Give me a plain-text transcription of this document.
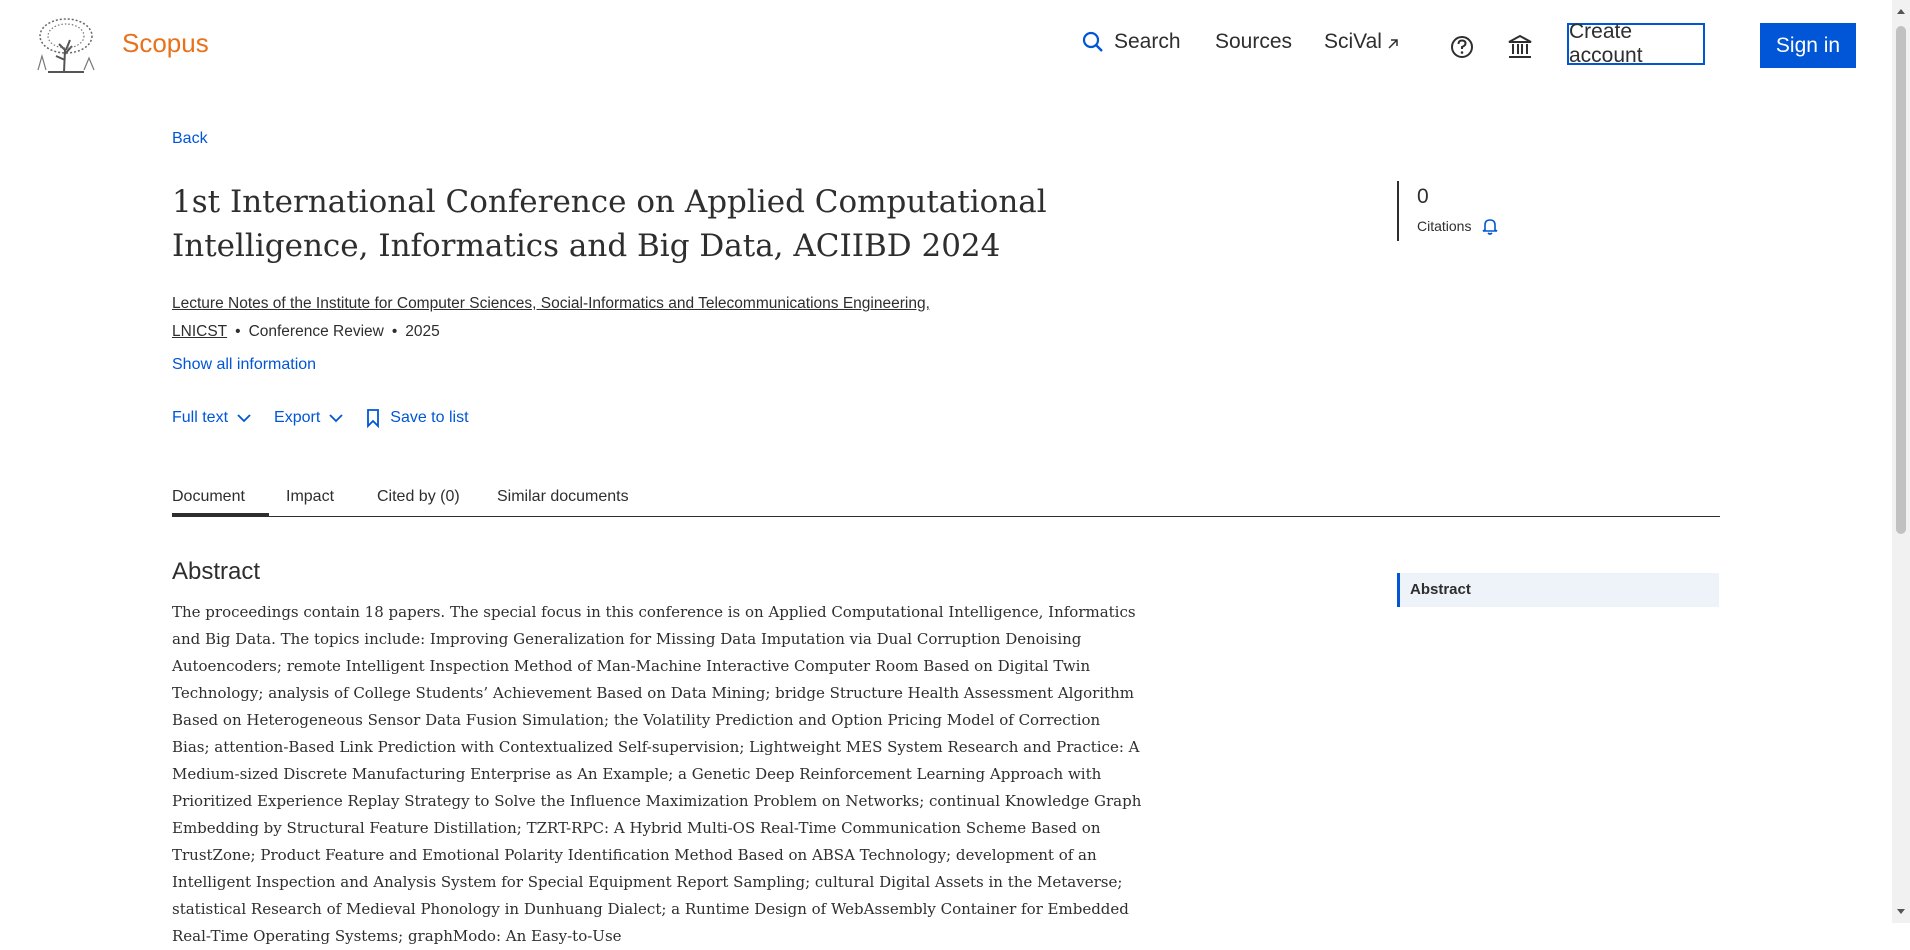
Scopus	Search Sources SciVal	Create account	Sign in
Back
1st International Conference on Applied Computational Intelligence, Informatics and Big Data, ACIIBD 2024
Lecture Notes of the Institute for Computer Sciences, Social-Informatics and Telecommunications Engineering,
LNICST • Conference Review • 2025
Show all information
Full text	Export	Save to list
Document	Impact	Cited by (0) Similar documents
Abstract
The proceedings contain 18 papers. The special focus in this conference is on Applied Computational Intelligence, Informatics and Big Data. The topics include: Improving Generalization for Missing Data Imputation via Dual Corruption Denoising Autoencoders; remote Intelligent Inspection Method of Man-Machine Interactive Computer Room Based on Digital Twin Technology; analysis of College Students’ Achievement Based on Data Mining; bridge Structure Health Assessment Algorithm Based on Heterogeneous Sensor Data Fusion Simulation; the Volatility Prediction and Option Pricing Model of Correction Bias; attention-Based Link Prediction with Contextualized Self-supervision; Lightweight MES System Research and Practice: A Medium-sized Discrete Manufacturing Enterprise as An Example; a Genetic Deep Reinforcement Learning Approach with Prioritized Experience Replay Strategy to Solve the Influence Maximization Problem on Networks; continual Knowledge Graph Embedding by Structural Feature Distillation; TZRT-RPC: A Hybrid Multi-OS Real-Time Communication Scheme Based on TrustZone; Product Feature and Emotional Polarity Identification Method Based on ABSA Technology; development of an Intelligent Inspection and Analysis System for Special Equipment Report Sampling; cultural Digital Assets in the Metaverse; statistical Research of Medieval Phonology in Dunhuang Dialect; a Runtime Design of WebAssembly Container for Embedded Real-Time Operating Systems; graphModo: An Easy-to-Use
0
Citations
Abstract
